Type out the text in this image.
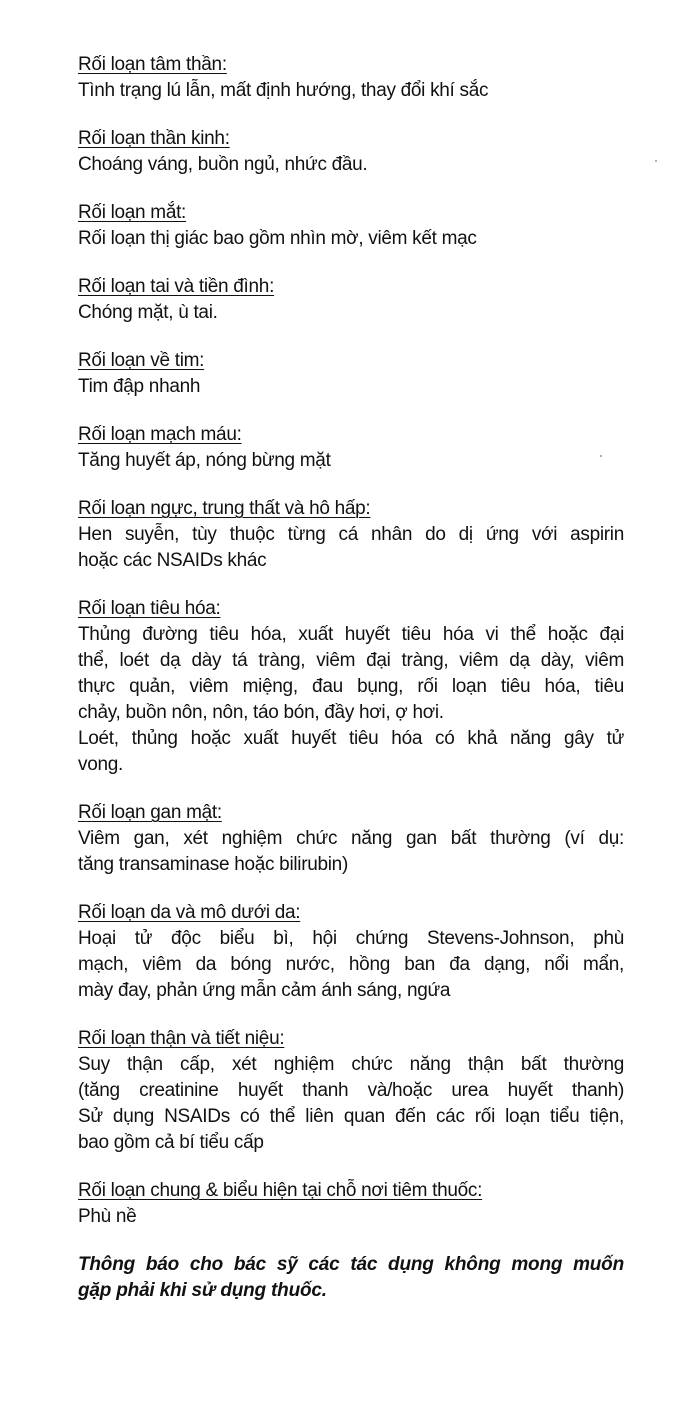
Rối loạn tâm thần:
Tình trạng lú lẫn, mất định hướng, thay đổi khí sắc
Rối loạn thần kinh:
Choáng váng, buồn ngủ, nhức đầu.
Rối loạn mắt:
Rối loạn thị giác bao gồm nhìn mờ, viêm kết mạc
Rối loạn tai và tiền đình:
Chóng mặt, ù tai.
Rối loạn về tim:
Tim đập nhanh
Rối loạn mạch máu:
Tăng huyết áp, nóng bừng mặt
Rối loạn ngực, trung thất và hô hấp:
Hen suyễn, tùy thuộc từng cá nhân do dị ứng với aspirin
hoặc các NSAIDs khác
Rối loạn tiêu hóa:
Thủng đường tiêu hóa, xuất huyết tiêu hóa vi thể hoặc đại
thể, loét dạ dày tá tràng, viêm đại tràng, viêm dạ dày, viêm
thực quản, viêm miệng, đau bụng, rối loạn tiêu hóa, tiêu
chảy, buồn nôn, nôn, táo bón, đầy hơi, ợ hơi.
Loét, thủng hoặc xuất huyết tiêu hóa có khả năng gây tử
vong.
Rối loạn gan mật:
Viêm gan, xét nghiệm chức năng gan bất thường (ví dụ:
tăng transaminase hoặc bilirubin)
Rối loạn da và mô dưới da:
Hoại tử độc biểu bì, hội chứng Stevens-Johnson, phù
mạch, viêm da bóng nước, hồng ban đa dạng, nổi mẩn,
mày đay, phản ứng mẫn cảm ánh sáng, ngứa
Rối loạn thận và tiết niệu:
Suy thận cấp, xét nghiệm chức năng thận bất thường
(tăng creatinine huyết thanh và/hoặc urea huyết thanh)
Sử dụng NSAIDs có thể liên quan đến các rối loạn tiểu tiện,
bao gồm cả bí tiểu cấp
Rối loạn chung & biểu hiện tại chỗ nơi tiêm thuốc:
Phù nề
Thông báo cho bác sỹ các tác dụng không mong muốn
gặp phải khi sử dụng thuốc.
